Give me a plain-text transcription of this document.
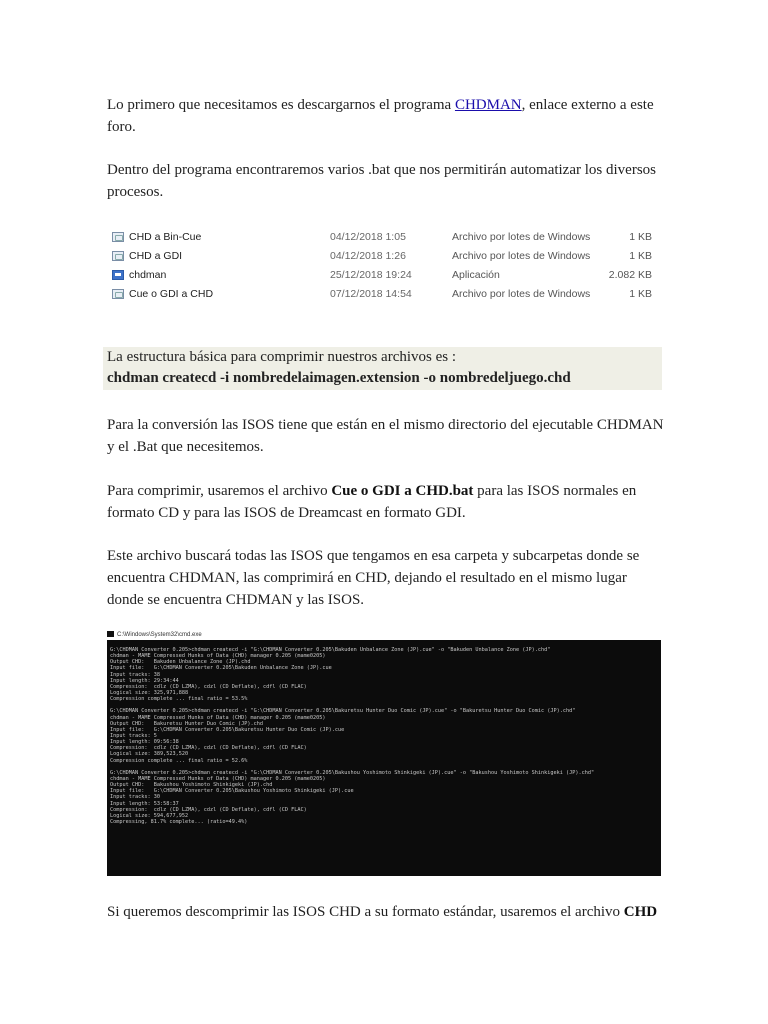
Lo primero que necesitamos es descargarnos el programa CHDMAN, enlace externo a este foro.

Dentro del programa encontraremos varios .bat que nos permitirán automatizar los diversos procesos.

CHD a Bin-Cue	04/12/2018 1:05	Archivo por lotes de Windows	1 KB
CHD a GDI	04/12/2018 1:26	Archivo por lotes de Windows	1 KB
chdman	25/12/2018 19:24	Aplicación	2.082 KB
Cue o GDI a CHD	07/12/2018 14:54	Archivo por lotes de Windows	1 KB

La estructura básica para comprimir nuestros archivos es :

chdman createcd -i nombredelaimagen.extension -o nombredeljuego.chd

Para la conversión las ISOS tiene que están en el mismo directorio del ejecutable CHDMAN y el .Bat que necesitemos.

Para comprimir, usaremos el archivo Cue o GDI a CHD.bat para las ISOS normales en formato CD y para las ISOS de Dreamcast en formato GDI.

Este archivo buscará todas las ISOS que tengamos en esa carpeta y subcarpetas donde se encuentra CHDMAN, las comprimirá en CHD, dejando el resultado en el mismo lugar donde se encuentra CHDMAN y las ISOS.

C:\Windows\System32\cmd.exe
G:\CHDMAN Converter 0.205>chdman createcd -i "G:\CHDMAN Converter 0.205\Bakuden Unbalance Zone (JP).cue" -o "Bakuden Unbalance Zone (JP).chd"
chdman - MAME Compressed Hunks of Data (CHD) manager 0.205 (mame0205)
Output CHD:   Bakuden Unbalance Zone (JP).chd
Input file:   G:\CHDMAN Converter 0.205\Bakuden Unbalance Zone (JP).cue
Input tracks: 38
Input length: 29:34:44
Compression:  cdlz (CD LZMA), cdzl (CD Deflate), cdfl (CD FLAC)
Logical size: 325,971,888
Compression complete ... final ratio = 53.5%
G:\CHDMAN Converter 0.205>chdman createcd -i "G:\CHDMAN Converter 0.205\Bakuretsu Hunter Duo Comic (JP).cue" -o "Bakuretsu Hunter Duo Comic (JP).chd"
chdman - MAME Compressed Hunks of Data (CHD) manager 0.205 (mame0205)
Output CHD:   Bakuretsu Hunter Duo Comic (JP).chd
Input file:   G:\CHDMAN Converter 0.205\Bakuretsu Hunter Duo Comic (JP).cue
Input tracks: 5
Input length: 09:56:38
Compression:  cdlz (CD LZMA), cdzl (CD Deflate), cdfl (CD FLAC)
Logical size: 389,523,520
Compression complete ... final ratio = 52.6%
G:\CHDMAN Converter 0.205>chdman createcd -i "G:\CHDMAN Converter 0.205\Bakushou Yoshimoto Shinkigeki (JP).cue" -o "Bakushou Yoshimoto Shinkigeki (JP).chd"
chdman - MAME Compressed Hunks of Data (CHD) manager 0.205 (mame0205)
Output CHD:   Bakushou Yoshimoto Shinkigeki (JP).chd
Input file:   G:\CHDMAN Converter 0.205\Bakushou Yoshimoto Shinkigeki (JP).cue
Input tracks: 30
Input length: 53:58:37
Compression:  cdlz (CD LZMA), cdzl (CD Deflate), cdfl (CD FLAC)
Logical size: 594,677,952
Compressing, 81.7% complete... (ratio=49.4%)

Si queremos descomprimir las ISOS CHD a su formato estándar, usaremos el archivo CHD
